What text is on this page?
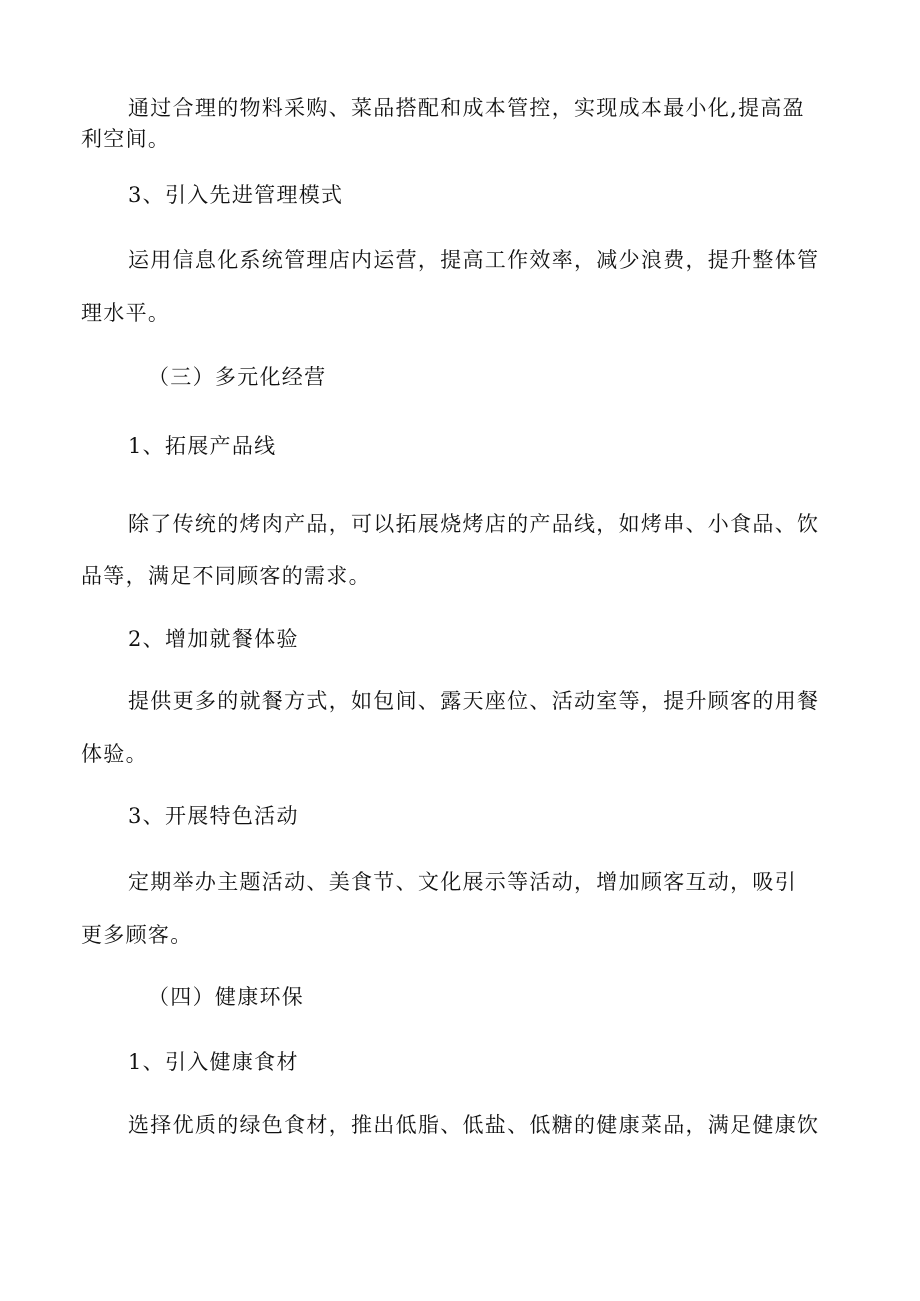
通过合理的物料采购、菜品搭配和成本管控，实现成本最小化,提高盈
利空间。
3、引入先进管理模式
运用信息化系统管理店内运营，提高工作效率，减少浪费，提升整体管
理水平。
（三）多元化经营
1、拓展产品线
除了传统的烤肉产品，可以拓展烧烤店的产品线，如烤串、小食品、饮
品等，满足不同顾客的需求。
2、增加就餐体验
提供更多的就餐方式，如包间、露天座位、活动室等，提升顾客的用餐
体验。
3、开展特色活动
定期举办主题活动、美食节、文化展示等活动，增加顾客互动，吸引
更多顾客。
（四）健康环保
1、引入健康食材
选择优质的绿色食材，推出低脂、低盐、低糖的健康菜品，满足健康饮
